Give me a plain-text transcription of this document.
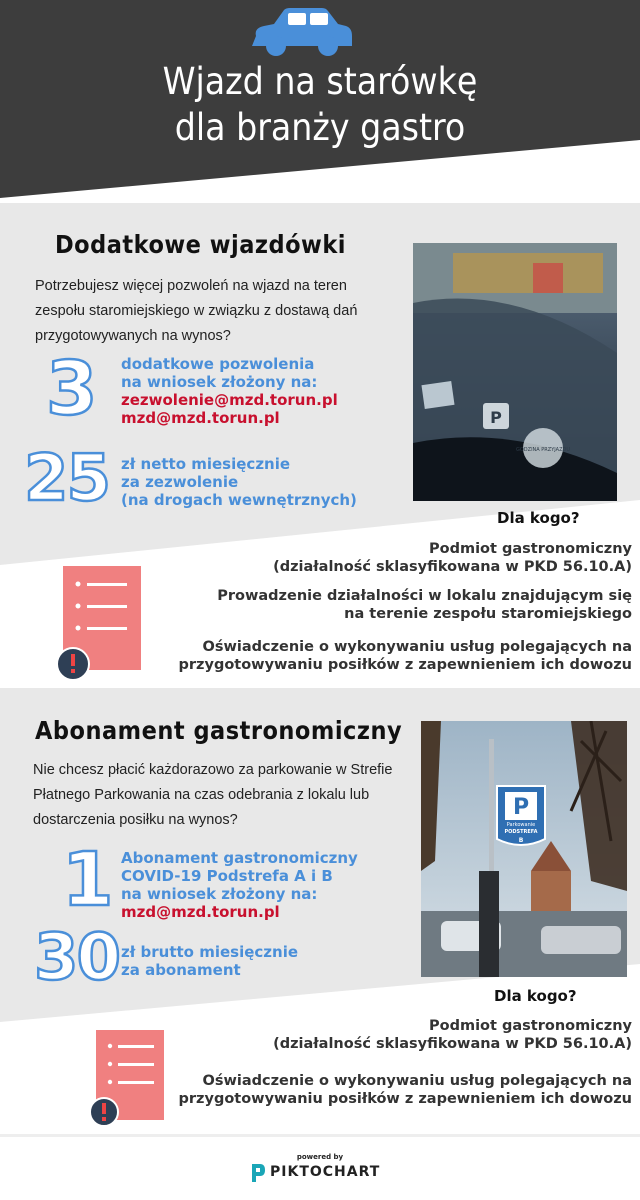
Wjazd na starówkę
dla branży gastro
Dodatkowe wjazdówki
Potrzebujesz więcej pozwoleń na wjazd na teren
zespołu staromiejskiego w związku z dostawą dań
przygotowywanych na wynos?
3 dodatkowe pozwolenia
na wniosek złożony na:
zezwolenie@mzd.torun.pl
mzd@mzd.torun.pl
25 zł netto miesięcznie
za zezwolenie
(na drogach wewnętrznych)
P
GODZINA PRZYJAZDU
Dla kogo?
Podmiot gastronomiczny
(działalność sklasyfikowana w PKD 56.10.A)
Prowadzenie działalności w lokalu znajdującym się
na terenie zespołu staromiejskiego
Oświadczenie o wykonywaniu usług polegających na
przygotowywaniu posiłków z zapewnieniem ich dowozu
Abonament gastronomiczny
Nie chcesz płacić każdorazowo za parkowanie w Strefie
Płatnego Parkowania na czas odebrania z lokalu lub
dostarczenia posiłku na wynos?
1 Abonament gastronomiczny
COVID-19 Podstrefa A i B
na wniosek złożony na:
mzd@mzd.torun.pl
30 zł brutto miesięcznie
za abonament
P
Parkowanie
PODSTREFA
B
Dla kogo?
Podmiot gastronomiczny
(działalność sklasyfikowana w PKD 56.10.A)
Oświadczenie o wykonywaniu usług polegających na
przygotowywaniu posiłków z zapewnieniem ich dowozu
powered by
PIKTOCHART
